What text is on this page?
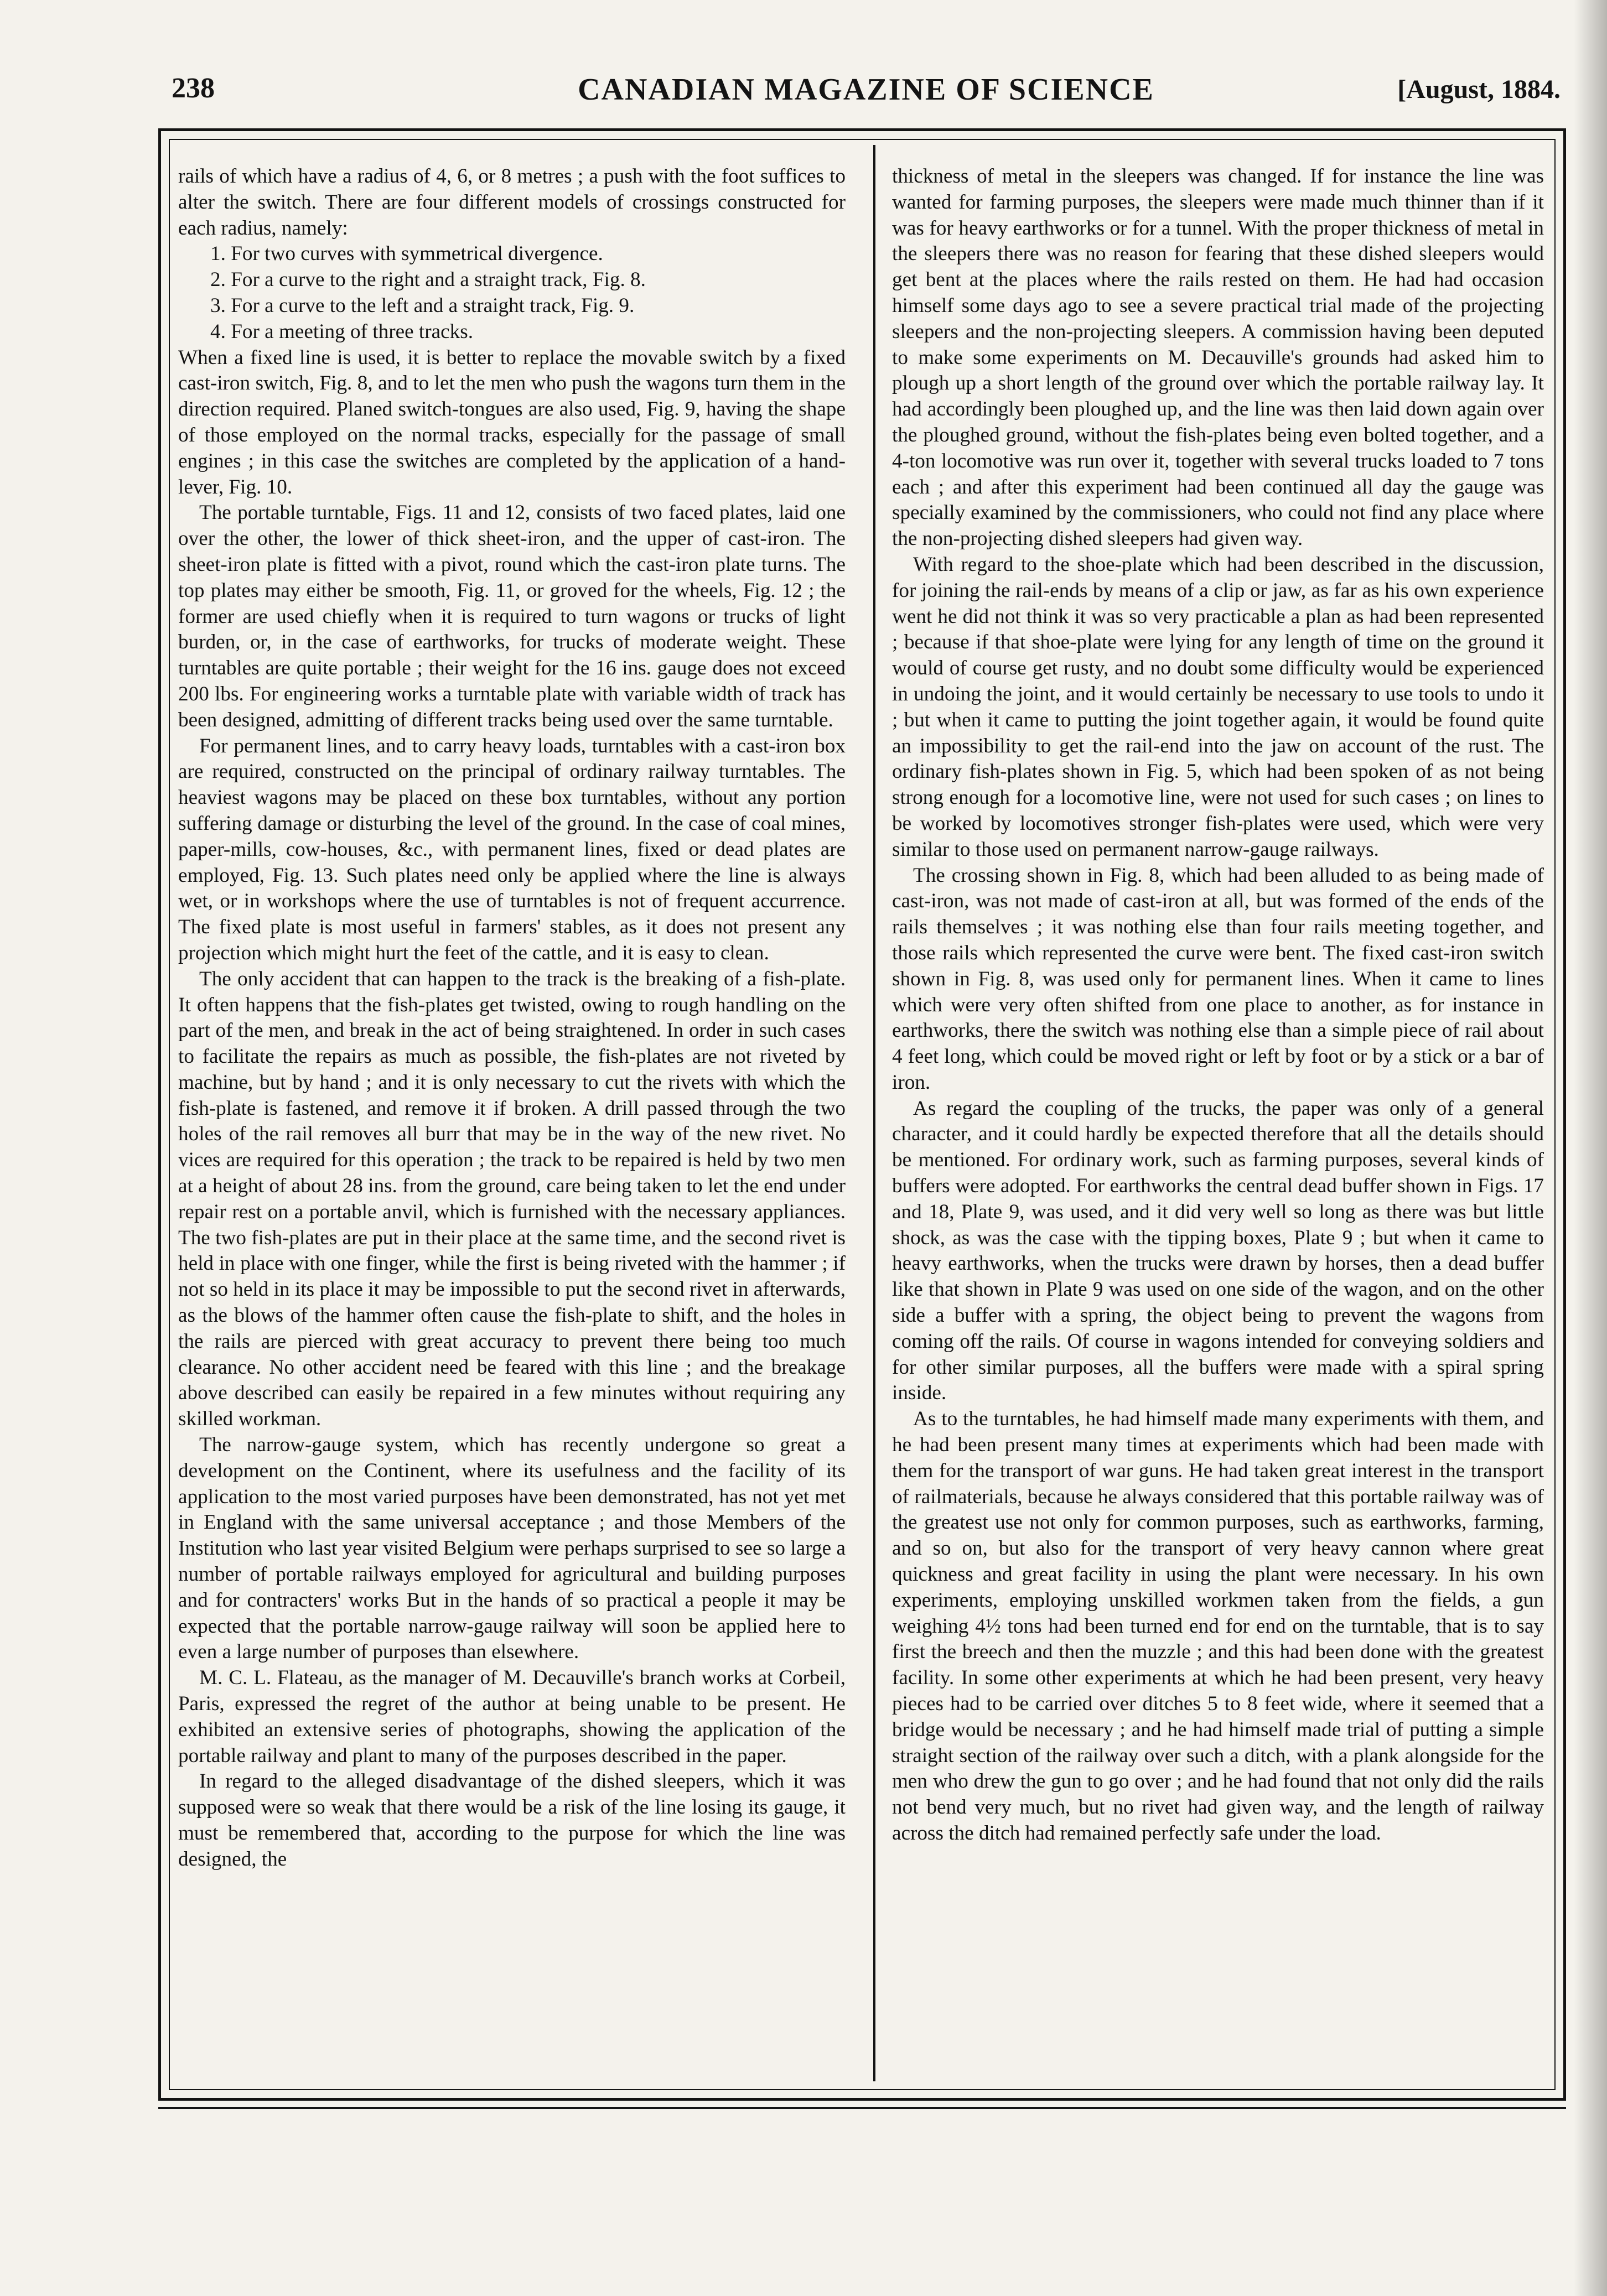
238	CANADIAN MAGAZINE OF SCIENCE	[August, 1884.

rails of which have a radius of 4, 6, or 8 metres ; a push with the foot suffices to alter the switch. There are four different models of crossings constructed for each radius, namely:

1. For two curves with symmetrical divergence.

2. For a curve to the right and a straight track, Fig. 8.

3. For a curve to the left and a straight track, Fig. 9.

4. For a meeting of three tracks.

When a fixed line is used, it is better to replace the movable switch by a fixed cast-iron switch, Fig. 8, and to let the men who push the wagons turn them in the direction required. Planed switch-tongues are also used, Fig. 9, having the shape of those employed on the normal tracks, especially for the passage of small engines ; in this case the switches are completed by the application of a hand-lever, Fig. 10.

The portable turntable, Figs. 11 and 12, consists of two faced plates, laid one over the other, the lower of thick sheet-iron, and the upper of cast-iron. The sheet-iron plate is fitted with a pivot, round which the cast-iron plate turns. The top plates may either be smooth, Fig. 11, or groved for the wheels, Fig. 12 ; the former are used chiefly when it is required to turn wagons or trucks of light burden, or, in the case of earthworks, for trucks of moderate weight. These turntables are quite portable ; their weight for the 16 ins. gauge does not exceed 200 lbs. For engineering works a turntable plate with variable width of track has been designed, admitting of different tracks being used over the same turntable.

For permanent lines, and to carry heavy loads, turntables with a cast-iron box are required, constructed on the principal of ordinary railway turntables. The heaviest wagons may be placed on these box turntables, without any portion suffering damage or disturbing the level of the ground. In the case of coal mines, paper-mills, cow-houses, &c., with permanent lines, fixed or dead plates are employed, Fig. 13. Such plates need only be applied where the line is always wet, or in workshops where the use of turntables is not of frequent accurrence. The fixed plate is most useful in farmers' stables, as it does not present any projection which might hurt the feet of the cattle, and it is easy to clean.

The only accident that can happen to the track is the breaking of a fish-plate. It often happens that the fish-plates get twisted, owing to rough handling on the part of the men, and break in the act of being straightened. In order in such cases to facilitate the repairs as much as possible, the fish-plates are not riveted by machine, but by hand ; and it is only necessary to cut the rivets with which the fish-plate is fastened, and remove it if broken. A drill passed through the two holes of the rail removes all burr that may be in the way of the new rivet. No vices are required for this operation ; the track to be repaired is held by two men at a height of about 28 ins. from the ground, care being taken to let the end under repair rest on a portable anvil, which is furnished with the necessary appliances. The two fish-plates are put in their place at the same time, and the second rivet is held in place with one finger, while the first is being riveted with the hammer ; if not so held in its place it may be impossible to put the second rivet in afterwards, as the blows of the hammer often cause the fish-plate to shift, and the holes in the rails are pierced with great accuracy to prevent there being too much clearance. No other accident need be feared with this line ; and the breakage above described can easily be repaired in a few minutes without requiring any skilled workman.

The narrow-gauge system, which has recently undergone so great a development on the Continent, where its usefulness and the facility of its application to the most varied purposes have been demonstrated, has not yet met in England with the same universal acceptance ; and those Members of the Institution who last year visited Belgium were perhaps surprised to see so large a number of portable railways employed for agricultural and building purposes and for contracters' works But in the hands of so practical a people it may be expected that the portable narrow-gauge railway will soon be applied here to even a large number of purposes than elsewhere.

M. C. L. Flateau, as the manager of M. Decauville's branch works at Corbeil, Paris, expressed the regret of the author at being unable to be present. He exhibited an extensive series of photographs, showing the application of the portable railway and plant to many of the purposes described in the paper.

In regard to the alleged disadvantage of the dished sleepers, which it was supposed were so weak that there would be a risk of the line losing its gauge, it must be remembered that, according to the purpose for which the line was designed, the

thickness of metal in the sleepers was changed. If for instance the line was wanted for farming purposes, the sleepers were made much thinner than if it was for heavy earthworks or for a tunnel. With the proper thickness of metal in the sleepers there was no reason for fearing that these dished sleepers would get bent at the places where the rails rested on them. He had had occasion himself some days ago to see a severe practical trial made of the projecting sleepers and the non-projecting sleepers. A commission having been deputed to make some experiments on M. Decauville's grounds had asked him to plough up a short length of the ground over which the portable railway lay. It had accordingly been ploughed up, and the line was then laid down again over the ploughed ground, without the fish-plates being even bolted together, and a 4-ton locomotive was run over it, together with several trucks loaded to 7 tons each ; and after this experiment had been continued all day the gauge was specially examined by the commissioners, who could not find any place where the non-projecting dished sleepers had given way.

With regard to the shoe-plate which had been described in the discussion, for joining the rail-ends by means of a clip or jaw, as far as his own experience went he did not think it was so very practicable a plan as had been represented ; because if that shoe-plate were lying for any length of time on the ground it would of course get rusty, and no doubt some difficulty would be experienced in undoing the joint, and it would certainly be necessary to use tools to undo it ; but when it came to putting the joint together again, it would be found quite an impossibility to get the rail-end into the jaw on account of the rust. The ordinary fish-plates shown in Fig. 5, which had been spoken of as not being strong enough for a locomotive line, were not used for such cases ; on lines to be worked by locomotives stronger fish-plates were used, which were very similar to those used on permanent narrow-gauge railways.

The crossing shown in Fig. 8, which had been alluded to as being made of cast-iron, was not made of cast-iron at all, but was formed of the ends of the rails themselves ; it was nothing else than four rails meeting together, and those rails which represented the curve were bent. The fixed cast-iron switch shown in Fig. 8, was used only for permanent lines. When it came to lines which were very often shifted from one place to another, as for instance in earthworks, there the switch was nothing else than a simple piece of rail about 4 feet long, which could be moved right or left by foot or by a stick or a bar of iron.

As regard the coupling of the trucks, the paper was only of a general character, and it could hardly be expected therefore that all the details should be mentioned. For ordinary work, such as farming purposes, several kinds of buffers were adopted. For earthworks the central dead buffer shown in Figs. 17 and 18, Plate 9, was used, and it did very well so long as there was but little shock, as was the case with the tipping boxes, Plate 9 ; but when it came to heavy earthworks, when the trucks were drawn by horses, then a dead buffer like that shown in Plate 9 was used on one side of the wagon, and on the other side a buffer with a spring, the object being to prevent the wagons from coming off the rails. Of course in wagons intended for conveying soldiers and for other similar purposes, all the buffers were made with a spiral spring inside.

As to the turntables, he had himself made many experiments with them, and he had been present many times at experiments which had been made with them for the transport of war guns. He had taken great interest in the transport of railmaterials, because he always considered that this portable railway was of the greatest use not only for common purposes, such as earthworks, farming, and so on, but also for the transport of very heavy cannon where great quickness and great facility in using the plant were necessary. In his own experiments, employing unskilled workmen taken from the fields, a gun weighing 4½ tons had been turned end for end on the turntable, that is to say first the breech and then the muzzle ; and this had been done with the greatest facility. In some other experiments at which he had been present, very heavy pieces had to be carried over ditches 5 to 8 feet wide, where it seemed that a bridge would be necessary ; and he had himself made trial of putting a simple straight section of the railway over such a ditch, with a plank alongside for the men who drew the gun to go over ; and he had found that not only did the rails not bend very much, but no rivet had given way, and the length of railway across the ditch had remained perfectly safe under the load.
